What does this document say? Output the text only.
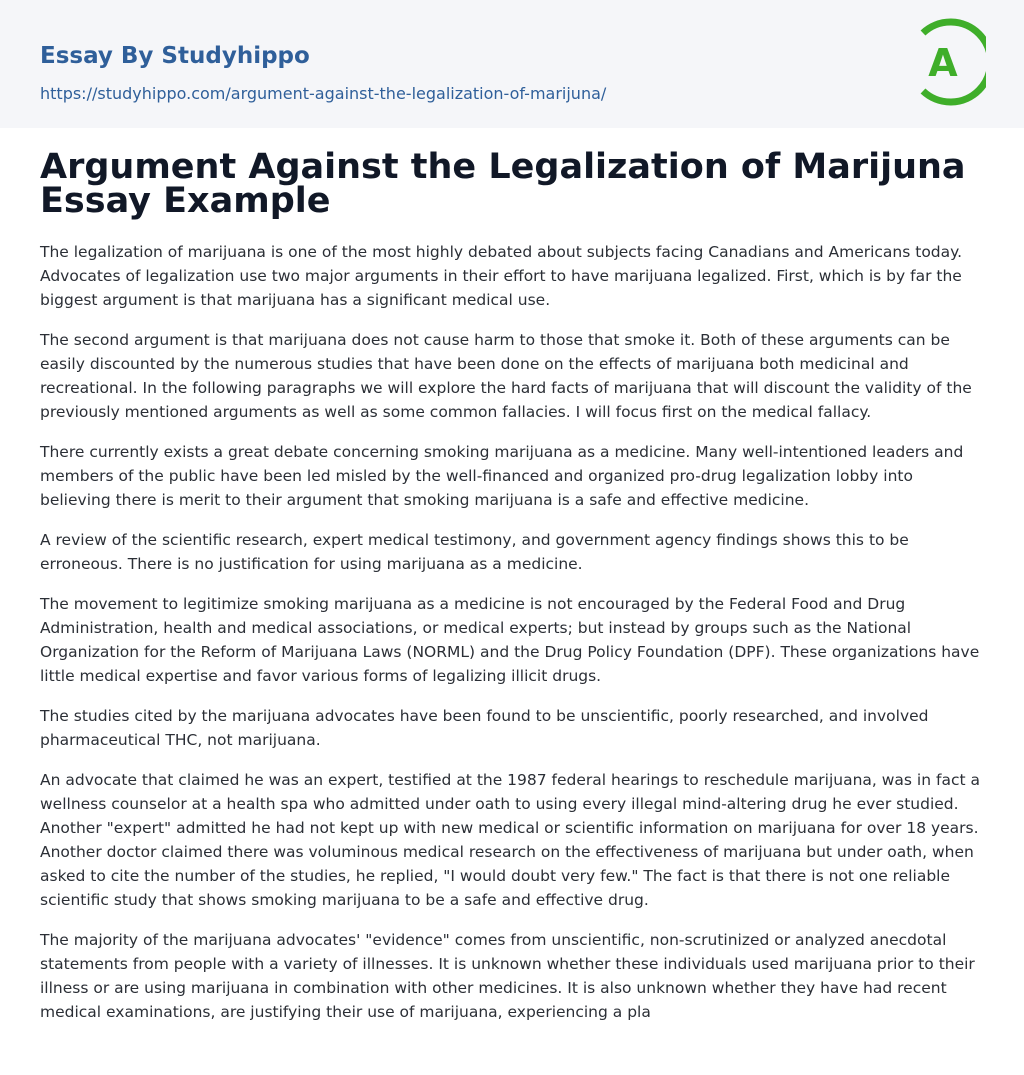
Essay By Studyhippo
https://studyhippo.com/argument-against-the-legalization-of-marijuna/
A
Argument Against the Legalization of Marijuna Essay Example

The legalization of marijuana is one of the most highly debated about subjects facing Canadians and Americans today. Advocates of legalization use two major arguments in their effort to have marijuana legalized. First, which is by far the biggest argument is that marijuana has a significant medical use.

The second argument is that marijuana does not cause harm to those that smoke it. Both of these arguments can be easily discounted by the numerous studies that have been done on the effects of marijuana both medicinal and recreational. In the following paragraphs we will explore the hard facts of marijuana that will discount the validity of the previously mentioned arguments as well as some common fallacies. I will focus first on the medical fallacy.

There currently exists a great debate concerning smoking marijuana as a medicine. Many well-intentioned leaders and members of the public have been led misled by the well-financed and organized pro-drug legalization lobby into believing there is merit to their argument that smoking marijuana is a safe and effective medicine.

A review of the scientific research, expert medical testimony, and government agency findings shows this to be erroneous. There is no justification for using marijuana as a medicine.

The movement to legitimize smoking marijuana as a medicine is not encouraged by the Federal Food and Drug Administration, health and medical associations, or medical experts; but instead by groups such as the National Organization for the Reform of Marijuana Laws (NORML) and the Drug Policy Foundation (DPF). These organizations have little medical expertise and favor various forms of legalizing illicit drugs.

The studies cited by the marijuana advocates have been found to be unscientific, poorly researched, and involved pharmaceutical THC, not marijuana.

An advocate that claimed he was an expert, testified at the 1987 federal hearings to reschedule marijuana, was in fact a wellness counselor at a health spa who admitted under oath to using every illegal mind-altering drug he ever studied. Another "expert" admitted he had not kept up with new medical or scientific information on marijuana for over 18 years. Another doctor claimed there was voluminous medical research on the effectiveness of marijuana but under oath, when asked to cite the number of the studies, he replied, "I would doubt very few." The fact is that there is not one reliable scientific study that shows smoking marijuana to be a safe and effective drug.

The majority of the marijuana advocates' "evidence" comes from unscientific, non-scrutinized or analyzed anecdotal statements from people with a variety of illnesses. It is unknown whether these individuals used marijuana prior to their illness or are using marijuana in combination with other medicines. It is also unknown whether they have had recent medical examinations, are justifying their use of marijuana, experiencing a pla
